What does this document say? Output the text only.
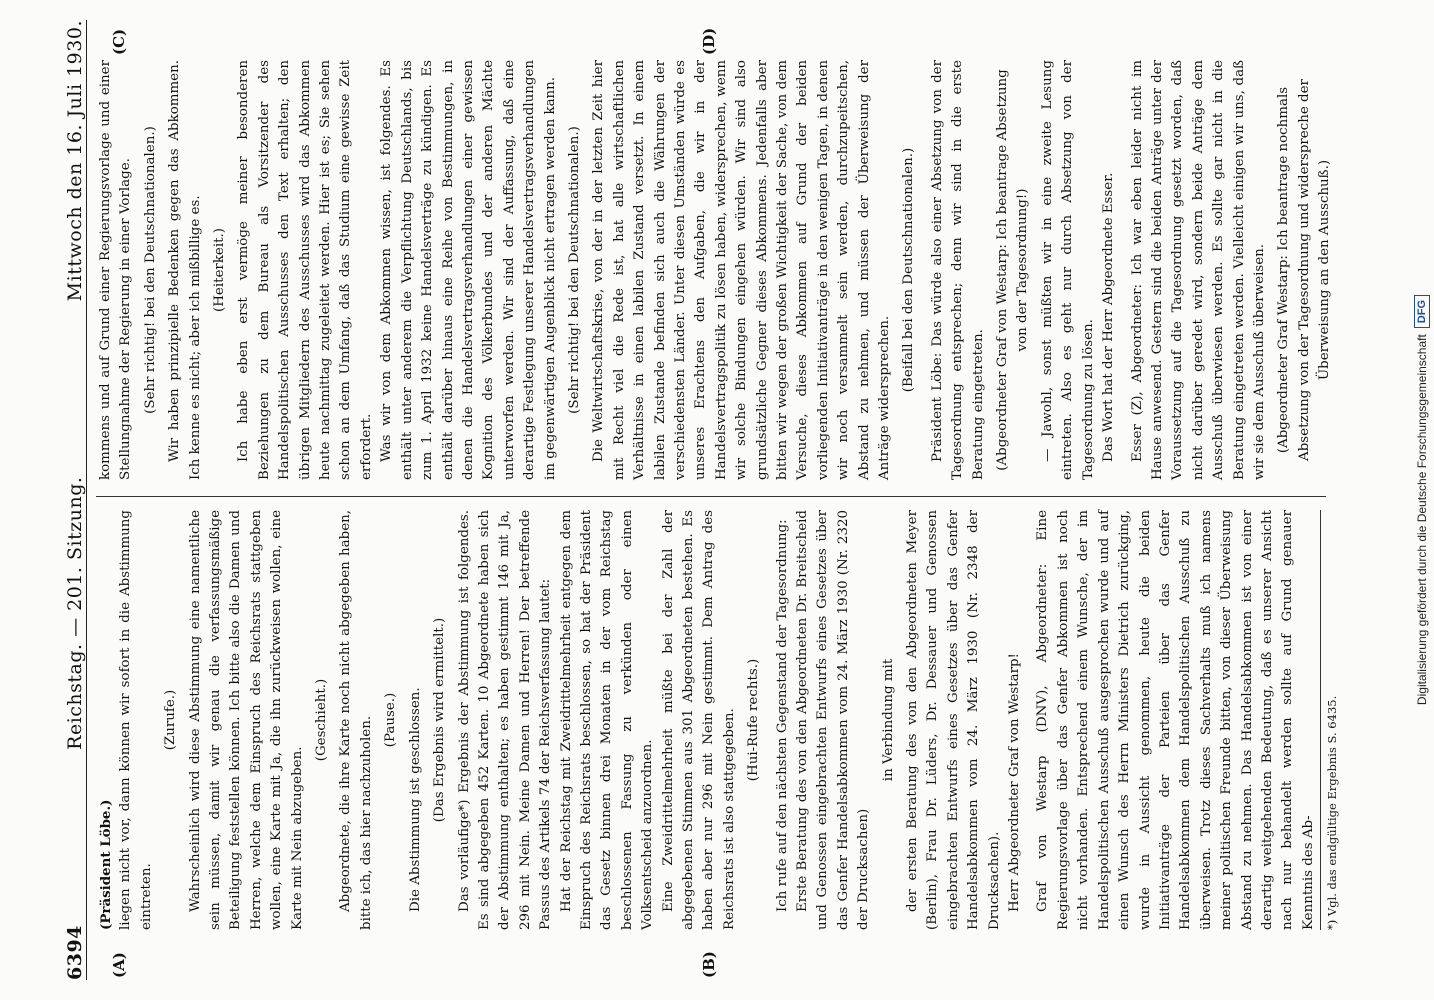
6394
Reichstag. — 201. Sitzung.
Mittwoch den 16. Juli 1930.
(A)	(B)
(C)	(D)

(Präsident Löbe.) liegen nicht vor, dann können wir sofort in die Abstimmung eintreten.

(Zurufe.) Wahrscheinlich wird diese Abstimmung eine namentliche sein müssen, damit wir genau die verfassungsmäßige Beteiligung feststellen können. Ich bitte also die Damen und Herren, welche dem Einspruch des Reichsrats stattgeben wollen, eine Karte mit Ja, die ihn zurückweisen wollen, eine Karte mit Nein abzugeben.

(Geschieht.) Abgeordnete, die ihre Karte noch nicht abgegeben haben, bitte ich, das hier nachzuholen. (Pause.) Die Abstimmung ist geschlossen. (Das Ergebnis wird ermittelt.) Das vorläufige*) Ergebnis der Abstimmung ist folgendes. Es sind abgegeben 452 Karten. 10 Abgeordnete haben sich der Abstimmung enthalten; es haben gestimmt 146 mit Ja, 296 mit Nein. Meine Damen und Herren! Der betreffende Passus des Artikels 74 der Reichsverfassung lautet: Hat der Reichstag mit Zweidrittelmehrheit entgegen dem Einspruch des Reichsrats beschlossen, so hat der Präsident das Gesetz binnen drei Monaten in der vom Reichstag beschlossenen Fassung zu verkünden oder einen Volksentscheid anzuordnen. Eine Zweidrittelmehrheit müßte bei der Zahl der abgegebenen Stimmen aus 301 Abgeordneten bestehen. Es haben aber nur 296 mit Nein gestimmt. Dem Antrag des Reichsrats ist also stattgegeben. (Hui-Rufe rechts.) Ich rufe auf den nächsten Gegenstand der Tagesordnung: Erste Beratung des von den Abgeordneten Dr. Breitscheid und Genossen eingebrachten Entwurfs eines Gesetzes über das Genfer Handelsabkommen vom 24. März 1930 (Nr. 2320 der Drucksachen)

in Verbindung mit der ersten Beratung des von den Abgeordneten Meyer (Berlin), Frau Dr. Lüders, Dr. Dessauer und Genossen eingebrachten Entwurfs eines Gesetzes über das Genfer Handelsabkommen vom 24. März 1930 (Nr. 2348 der Drucksachen). Herr Abgeordneter Graf von Westarp! Graf von Westarp (DNV), Abgeordneter: Eine Regierungsvorlage über das Genfer Abkommen ist noch nicht vorhanden. Entsprechend einem Wunsche, der im Handelspolitischen Ausschuß ausgesprochen wurde und auf einen Wunsch des Herrn Ministers Dietrich zurückging, wurde in Aussicht genommen, heute die beiden Initiativanträge der Parteien über das Genfer Handelsabkommen dem Handelspolitischen Ausschuß zu überweisen. Trotz dieses Sachverhalts muß ich namens meiner politischen Freunde bitten, von dieser Überweisung Abstand zu nehmen. Das Handelsabkommen ist von einer derartig weitgehenden Bedeutung, daß es unserer Ansicht nach nur behandelt werden sollte auf Grund genauer Kenntnis des Ab-

kommens und auf Grund einer Regierungsvorlage und einer Stellungnahme der Regierung in einer Vorlage. (Sehr richtig! bei den Deutschnationalen.) Wir haben prinzipielle Bedenken gegen das Abkommen. Ich kenne es nicht; aber ich mißbillige es. (Heiterkeit.) Ich habe eben erst vermöge meiner besonderen Beziehungen zu dem Bureau als Vorsitzender des Handelspolitischen Ausschusses den Text erhalten; den übrigen Mitgliedern des Ausschusses wird das Abkommen heute nachmittag zugeleitet werden. Hier ist es; Sie sehen schon an dem Umfang, daß das Studium eine gewisse Zeit erfordert. Was wir von dem Abkommen wissen, ist folgendes. Es enthält unter anderem die Verpflichtung Deutschlands, bis zum 1. April 1932 keine Handelsverträge zu kündigen. Es enthält darüber hinaus eine Reihe von Bestimmungen, in denen die Handelsvertragsverhandlungen einer gewissen Kognition des Völkerbundes und der anderen Mächte unterworfen werden. Wir sind der Auffassung, daß eine derartige Festlegung unserer Handelsvertragsverhandlungen im gegenwärtigen Augenblick nicht ertragen werden kann. (Sehr richtig! bei den Deutschnationalen.) Die Weltwirtschaftskrise, von der in der letzten Zeit hier mit Recht viel die Rede ist, hat alle wirtschaftlichen Verhältnisse in einen labilen Zustand versetzt. In einem labilen Zustande befinden sich auch die Währungen der verschiedensten Länder. Unter diesen Umständen würde es unseres Erachtens den Aufgaben, die wir in der Handelsvertragspolitik zu lösen haben, widersprechen, wenn wir solche Bindungen eingehen würden. Wir sind also grundsätzliche Gegner dieses Abkommens. Jedenfalls aber bitten wir wegen der großen Wichtigkeit der Sache, von dem Versuche, dieses Abkommen auf Grund der beiden vorliegenden Initiativanträge in den wenigen Tagen, in denen wir noch versammelt sein werden, durchzupeitschen, Abstand zu nehmen, und müssen der Überweisung der Anträge widersprechen.

(Beifall bei den Deutschnationalen.) Präsident Löbe: Das würde also einer Absetzung von der Tagesordnung entsprechen; denn wir sind in die erste Beratung eingetreten. (Abgeordneter Graf von Westarp: Ich beantrage Absetzung von der Tagesordnung!) — Jawohl, sonst müßten wir in eine zweite Lesung eintreten. Also es geht nur durch Absetzung von der Tagesordnung zu lösen. Das Wort hat der Herr Abgeordnete Esser. Esser (Z), Abgeordneter: Ich war eben leider nicht im Hause anwesend. Gestern sind die beiden Anträge unter der Voraussetzung auf die Tagesordnung gesetzt worden, daß nicht darüber geredet wird, sondern beide Anträge dem Ausschuß überwiesen werden. Es sollte gar nicht in die Beratung eingetreten werden. Vielleicht einigen wir uns, daß wir sie dem Ausschuß überweisen. (Abgeordneter Graf Westarp: Ich beantrage nochmals Absetzung von der Tagesordnung und widerspreche der Überweisung an den Ausschuß.)

*) Vgl. das endgültige Ergebnis S. 6435.
Digitalisierung gefördert durch die Deutsche Forschungsgemeinschaft
DFG
